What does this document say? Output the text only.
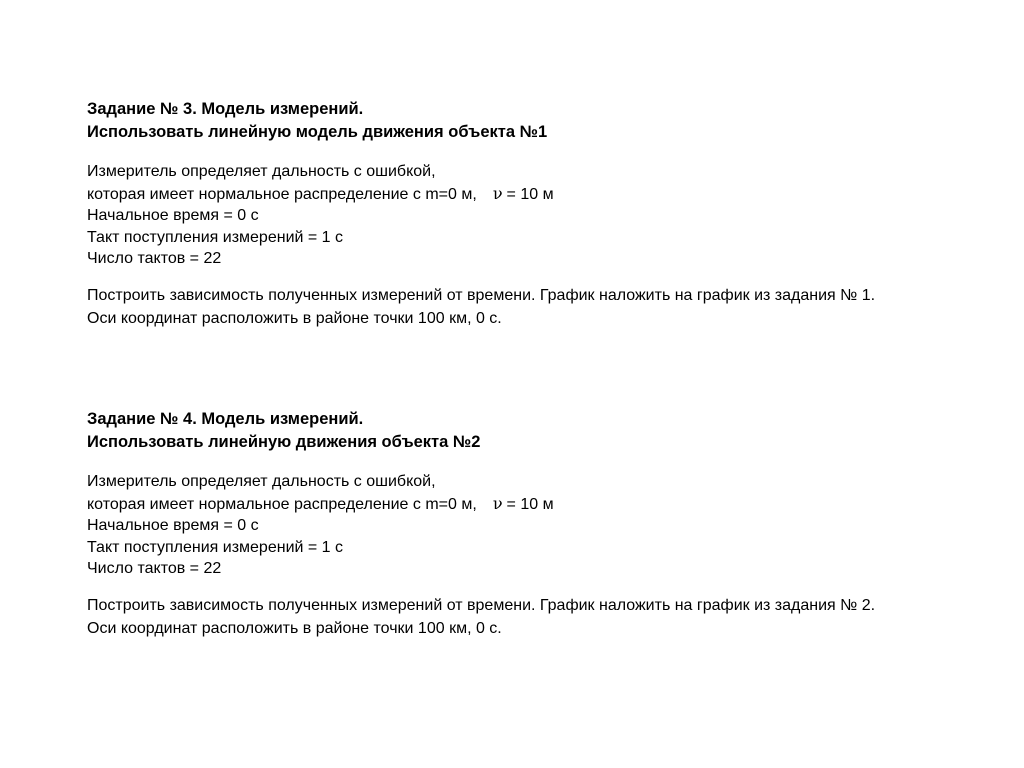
Задание № 3. Модель измерений.

Использовать линейную модель движения объекта №1

Измеритель определяет дальность с ошибкой,
которая имеет нормальное распределение с m=0 м, ν = 10 м
Начальное время = 0 с
Такт поступления измерений = 1 с
Число тактов = 22
Построить зависимость полученных измерений от времени. График наложить на график из задания № 1.
Оси координат расположить в районе точки 100 км, 0 с.

Задание № 4. Модель измерений.

Использовать линейную движения объекта №2

Измеритель определяет дальность с ошибкой,
которая имеет нормальное распределение с m=0 м, ν = 10 м
Начальное время = 0 с
Такт поступления измерений = 1 с
Число тактов = 22
Построить зависимость полученных измерений от времени. График наложить на график из задания № 2.
Оси координат расположить в районе точки 100 км, 0 с.
